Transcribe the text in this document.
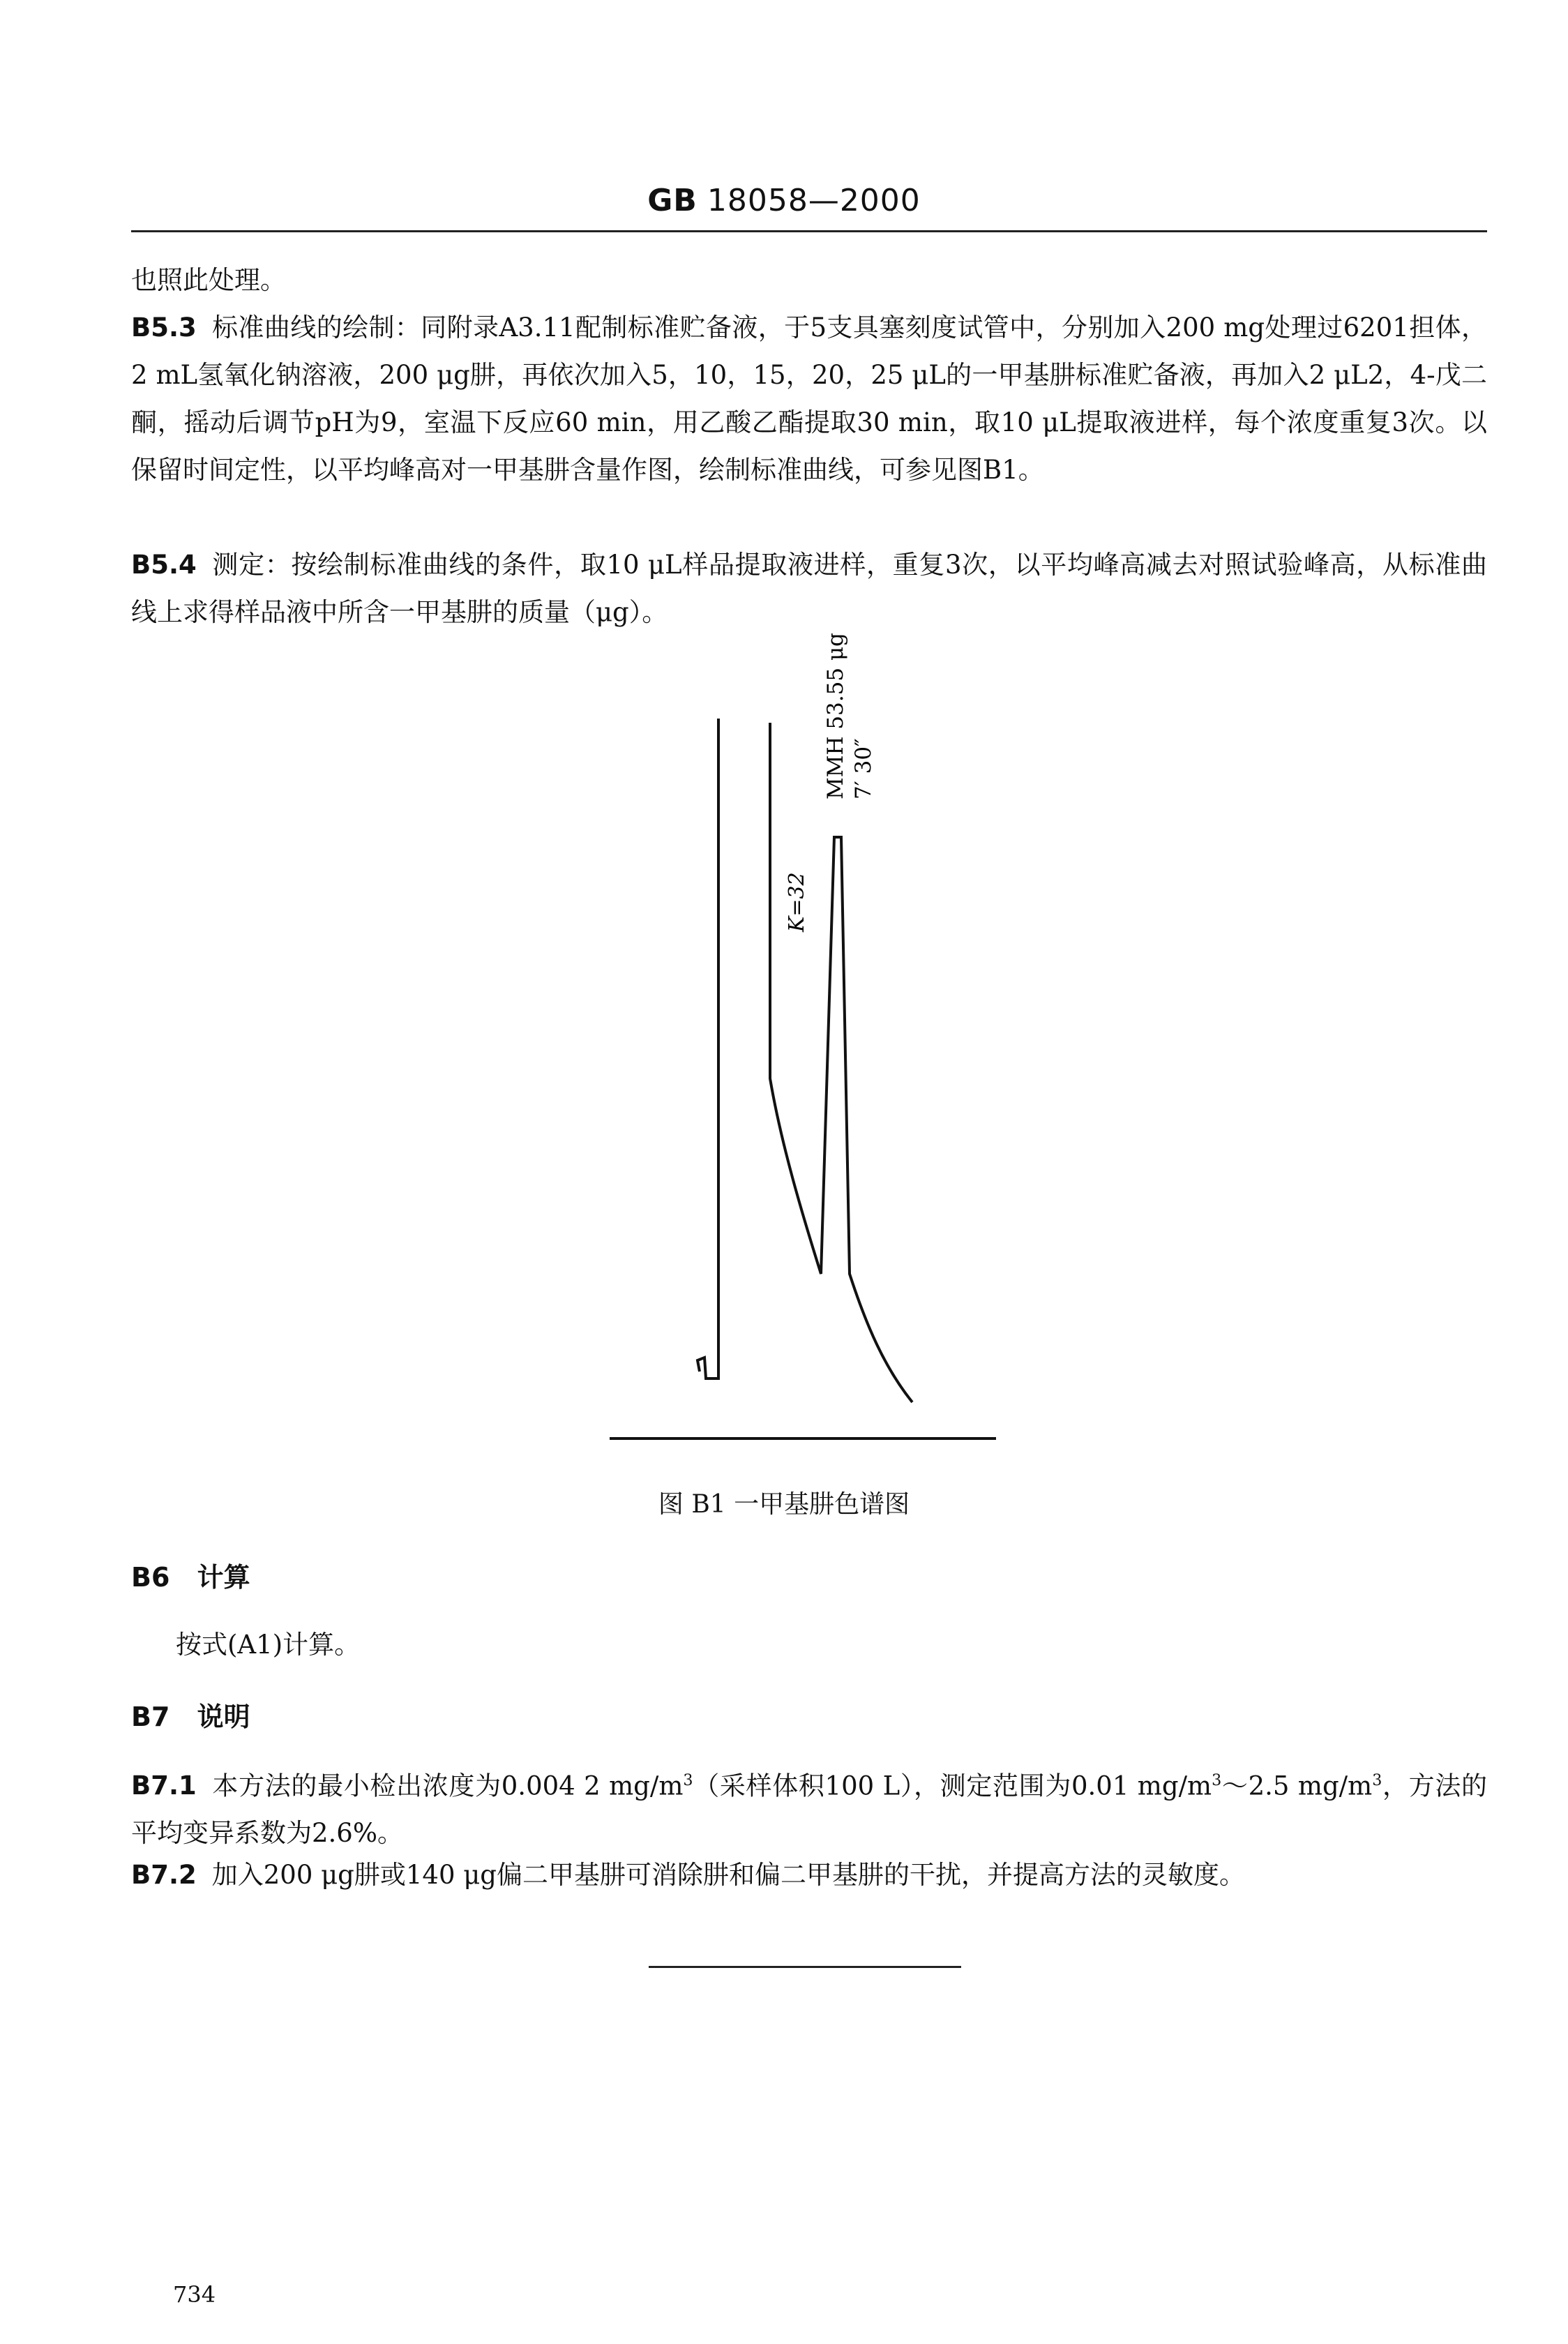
GB 18058—2000
也照此处理。
B5.3 标准曲线的绘制：同附录A3.11配制标准贮备液，于5支具塞刻度试管中，分别加入200 mg处理过6201担体，2 mL氢氧化钠溶液，200 μg肼，再依次加入5，10，15，20，25 μL的一甲基肼标准贮备液，再加入2 μL2，4-戊二酮，摇动后调节pH为9，室温下反应60 min，用乙酸乙酯提取30 min，取10 μL提取液进样，每个浓度重复3次。以保留时间定性，以平均峰高对一甲基肼含量作图，绘制标准曲线，可参见图B1。
B5.4 测定：按绘制标准曲线的条件，取10 μL样品提取液进样，重复3次，以平均峰高减去对照试验峰高，从标准曲线上求得样品液中所含一甲基肼的质量（μg）。
K=32
MMH 53.55 μg 7′ 30″
图 B1 一甲基肼色谱图
B6 计算
按式(A1)计算。
B7 说明
B7.1 本方法的最小检出浓度为0.004 2 $mg/m^3$（采样体积100 L），测定范围为0.01 $mg/m^3\sim 2.5$ $mg/m^3$，方法的平均变异系数为2.6%。
B7.2 加入200 μg肼或140 μg偏二甲基肼可消除肼和偏二甲基肼的干扰，并提高方法的灵敏度。
734
